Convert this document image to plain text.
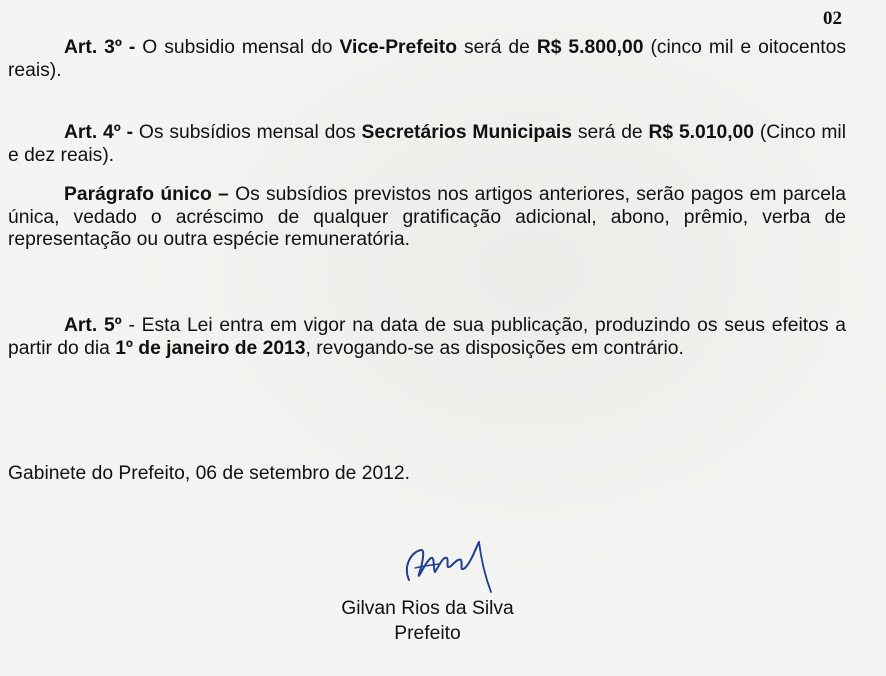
02
Art. 3º - O subsidio mensal do Vice-Prefeito será de R$ 5.800,00 (cinco mil e oitocentos reais).
Art. 4º - Os subsídios mensal dos Secretários Municipais será de R$ 5.010,00 (Cinco mil e dez reais).
Parágrafo único – Os subsídios previstos nos artigos anteriores, serão pagos em parcela única, vedado o acréscimo de qualquer gratificação adicional, abono, prêmio, verba de representação ou outra espécie remuneratória.
Art. 5º - Esta Lei entra em vigor na data de sua publicação, produzindo os seus efeitos a partir do dia 1º de janeiro de 2013, revogando-se as disposições em contrário.
Gabinete do Prefeito, 06 de setembro de 2012.
Gilvan Rios da Silva
Prefeito
